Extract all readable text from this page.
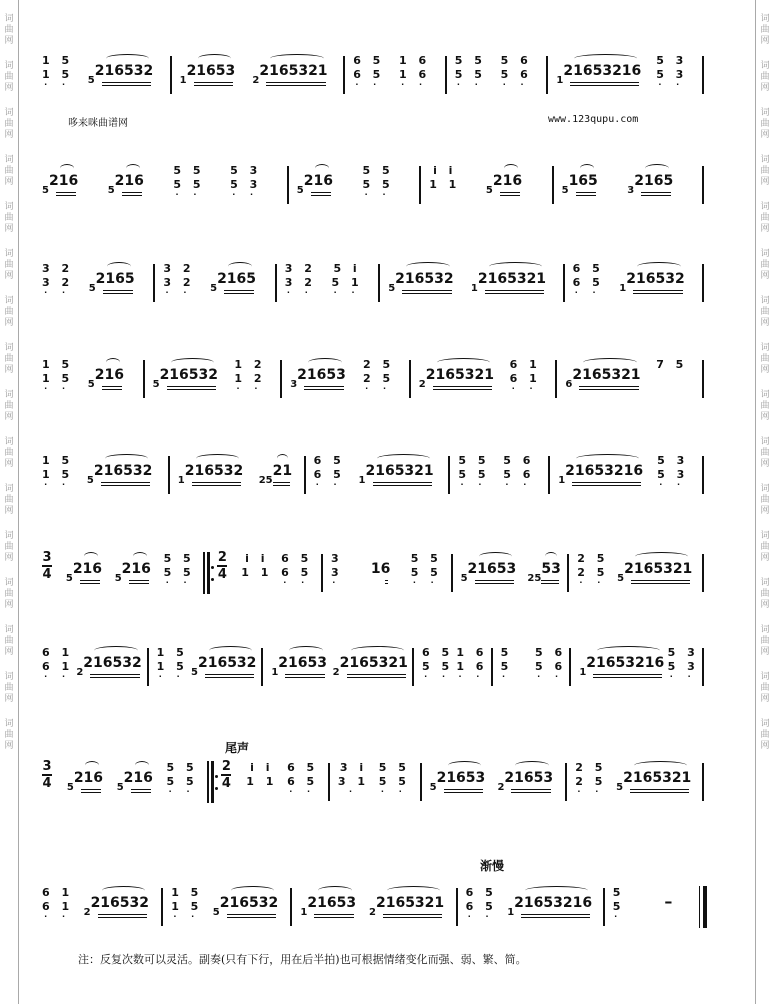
词
曲
网
词
曲
网
词
曲
网
词
曲
网
词
曲
网
词
曲
网
词
曲
网
词
曲
网
词
曲
网
词
曲
网
词
曲
网
词
曲
网
词
曲
网
词
曲
网
词
曲
网
词
曲
网
词
曲
网
词
曲
网
词
曲
网
词
曲
网
词
曲
网
词
曲
网
词
曲
网
词
曲
网
词
曲
网
词
曲
网
词
曲
网
词
曲
网
词
曲
网
词
曲
网
词
曲
网
词
曲
网
哆来咪曲谱网	www.123qupu.com
1 5
1 5
· · $_5$216532
$_1$21653
$_2$2165321
6 5
6 5
· ·
1 6
1 6
· ·
5 5
5 5
· ·
5 6
5 6
· ·	$_1$21653216
5 3
5 3
· ·
$_5$216
$_5$216
5 5
5 5
· ·
5 3
5 3
· ·	$_5$216
5 5
5 5
· ·
i i
1 1	$_5$216
$_5$165
$_3$2165
3 2
3 2
· · $_5$2165
3 2
3 2
· · $_5$2165
3 2
3 2
· ·
5 i
5 1
· ·	$_5$216532
$_1$2165321
6 5
6 5
· · $_1$216532
1 5
1 5
· · $_5$216
$_5$216532
1 2
1 2
· ·	$_3$21653
2 5
2 5
· ·	$_2$2165321
6 1
6 1
· ·	$_6$2165321
7 5
1 5
1 5
· · $_5$216532
$_1$216532
$_{25}$21
6 5
6 5
· · $_1$2165321
5 5
5 5
· ·
5 6
5 6
· ·	$_1$21653216
5 3
5 3
· ·
3
4 $_5$216
$_5$216
5 5
5 5
· ·
2
4
i i
1 1
6 5
6 5
· ·
3
3
·
16
5 5
5 5
· · $_5$21653
$_{25}$53
2 5
2 5
· · $_5$2165321
6 1
6 1
· · $_2$216532
1 5
1 5
· · $_5$216532
$_1$21653
$_2$2165321
6 5
5 5
· ·
1 6
1 6
· ·
5
5
·
5 6
5 6
· · $_1$21653216
5 3
5 3
· ·
3
4 $_5$216
$_5$216
5 5
5 5
· ·
2
4
i i
1 1
6 5
6 5
· ·
3 i
3 1
·
5 5
5 5
· · $_5$21653
$_2$21653
2 5
2 5
· · $_5$2165321
尾声
6 1
6 1
· · $_2$216532
1 5
1 5
· · $_5$216532
$_1$21653
$_2$2165321
6 5
6 5
· · $_1$21653216
5
5
·
–
渐慢
注：反复次数可以灵活。副奏(只有下行，用在后半拍)也可根据情绪变化而强、弱、繁、简。
